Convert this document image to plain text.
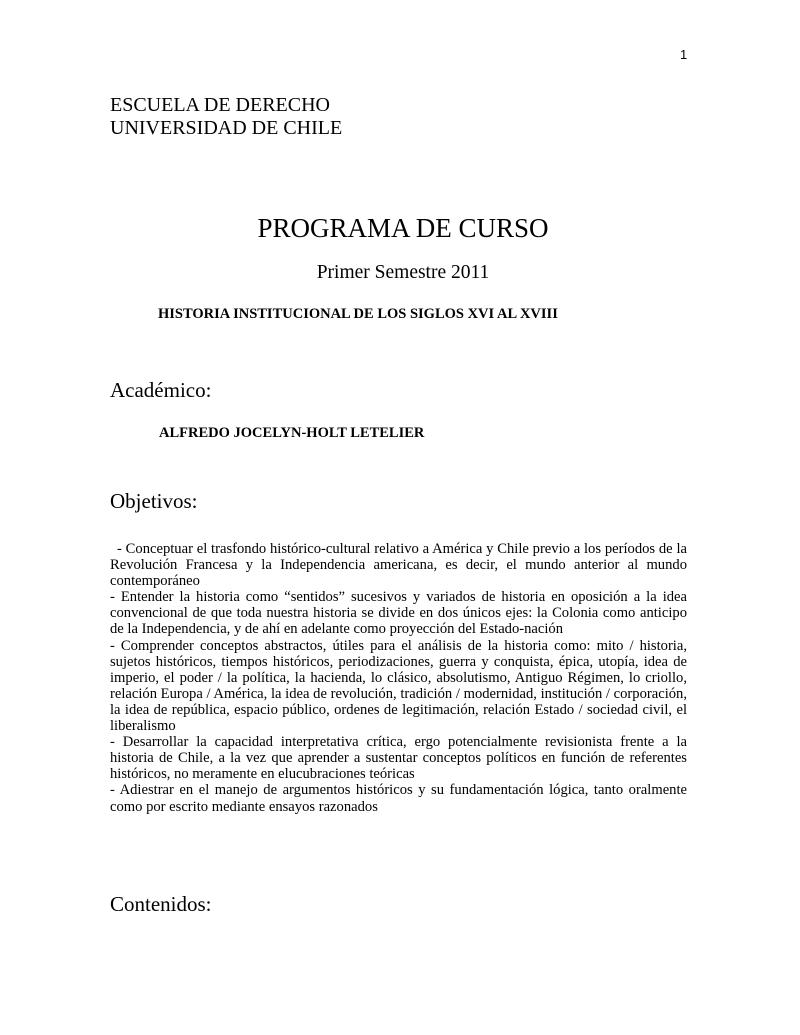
1
ESCUELA DE DERECHO
UNIVERSIDAD DE CHILE
PROGRAMA DE CURSO
Primer Semestre 2011
HISTORIA INSTITUCIONAL DE LOS SIGLOS XVI AL XVIII
Académico:
ALFREDO JOCELYN-HOLT LETELIER
Objetivos:

- Conceptuar el trasfondo histórico-cultural relativo a América y Chile previo a los períodos de la Revolución Francesa y la Independencia americana, es decir, el mundo anterior al mundo contemporáneo

- Entender la historia como “sentidos” sucesivos y variados de historia en oposición a la idea convencional de que toda nuestra historia se divide en dos únicos ejes: la Colonia como anticipo de la Independencia, y de ahí en adelante como proyección del Estado-nación

- Comprender conceptos abstractos, útiles para el análisis de la historia como: mito / historia, sujetos históricos, tiempos históricos, periodizaciones, guerra y conquista, épica, utopía, idea de imperio, el poder / la política, la hacienda, lo clásico, absolutismo, Antiguo Régimen, lo criollo, relación Europa / América, la idea de revolución, tradición / modernidad, institución / corporación, la idea de república, espacio público, ordenes de legitimación, relación Estado / sociedad civil, el liberalismo

- Desarrollar la capacidad interpretativa crítica, ergo potencialmente revisionista frente a la historia de Chile, a la vez que aprender a sustentar conceptos políticos en función de referentes históricos, no meramente en elucubraciones teóricas

- Adiestrar en el manejo de argumentos históricos y su fundamentación lógica, tanto oralmente como por escrito mediante ensayos razonados

Contenidos:
